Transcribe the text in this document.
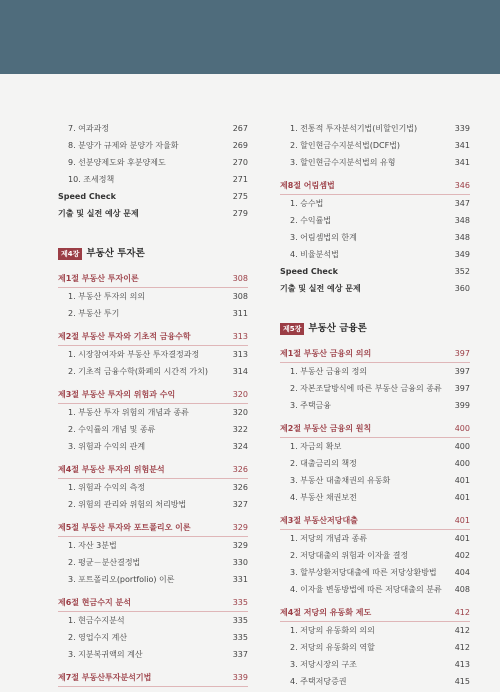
7. 여과과정	267
8. 분양가 규제와 분양가 자율화	269
9. 선분양제도와 후분양제도	270
10. 조세정책	271
Speed Check	275
기출 및 실전 예상 문제	279
제4장 부동산 투자론
제1절 부동산 투자이론	308
1. 부동산 투자의 의의	308
2. 부동산 투기	311
제2절 부동산 투자와 기초적 금융수학	313
1. 시장참여자와 부동산 투자결정과정	313
2. 기초적 금융수학(화폐의 시간적 가치)	314
제3절 부동산 투자의 위험과 수익	320
1. 부동산 투자 위험의 개념과 종류	320
2. 수익률의 개념 및 종류	322
3. 위험과 수익의 관계	324
제4절 부동산 투자의 위험분석	326
1. 위험과 수익의 측정	326
2. 위험의 관리와 위험의 처리방법	327
제5절 부동산 투자와 포트폴리오 이론	329
1. 자산 3분법	329
2. 평균－분산결정법	330
3. 포트폴리오(portfolio) 이론	331
제6절 현금수지 분석	335
1. 현금수지분석	335
2. 영업수지 계산	335
3. 지분복귀액의 계산	337
제7절 부동산투자분석기법	339
1. 전통적 투자분석기법(비할인기법)	339
2. 할인현금수지분석법(DCF법)	341
3. 할인현금수지분석법의 유형	341
제8절 어림셈법	346
1. 승수법	347
2. 수익률법	348
3. 어림셈법의 한계	348
4. 비율분석법	349
Speed Check	352
기출 및 실전 예상 문제	360
제5장 부동산 금융론
제1절 부동산 금융의 의의	397
1. 부동산 금융의 정의	397
2. 자본조달방식에 따른 부동산 금융의 종류 397
3. 주택금융	399
제2절 부동산 금융의 원칙	400
1. 자금의 확보	400
2. 대출금리의 책정	400
3. 부동산 대출채권의 유동화	401
4. 부동산 채권보전	401
제3절 부동산저당대출	401
1. 저당의 개념과 종류	401
2. 저당대출의 위험과 이자율 결정	402
3. 할부상환저당대출에 따른 저당상환방법 404
4. 이자율 변동방법에 따른 저당대출의 분류 408
제4절 저당의 유동화 제도	412
1. 저당의 유동화의 의의	412
2. 저당의 유동화의 역할	412
3. 저당시장의 구조	413
4. 주택저당증권	415
